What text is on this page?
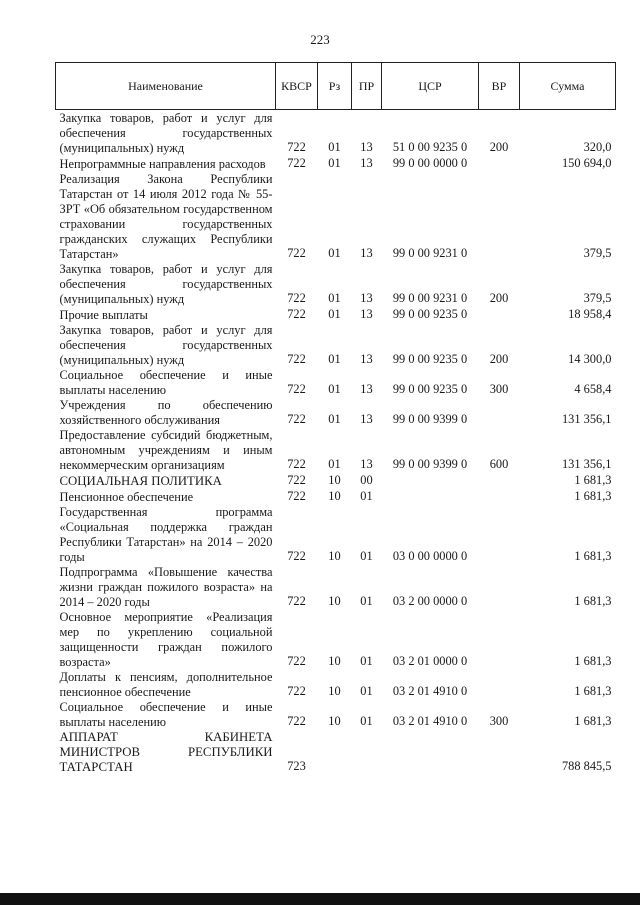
223
Наименование	КВСР	Рз	ПР	ЦСР	ВР	Сумма
Закупка товаров, работ и услуг для обеспечения государственных (муниципальных) нужд	722	01	13	51 0 00 9235 0	200	320,0
Непрограммные направления расходов	722	01	13	99 0 00 0000 0		150 694,0
Реализация Закона Республики Татарстан от 14 июля 2012 года № 55-ЗРТ «Об обязательном государственном страховании государственных гражданских служащих Республики Татарстан»	722	01	13	99 0 00 9231 0		379,5
Закупка товаров, работ и услуг для обеспечения государственных (муниципальных) нужд	722	01	13	99 0 00 9231 0	200	379,5
Прочие выплаты	722	01	13	99 0 00 9235 0		18 958,4
Закупка товаров, работ и услуг для обеспечения государственных (муниципальных) нужд	722	01	13	99 0 00 9235 0	200	14 300,0
Социальное обеспечение и иные выплаты населению	722	01	13	99 0 00 9235 0	300	4 658,4
Учреждения по обеспечению хозяйственного обслуживания	722	01	13	99 0 00 9399 0		131 356,1
Предоставление субсидий бюджетным, автономным учреждениям и иным некоммерческим организациям	722	01	13	99 0 00 9399 0	600	131 356,1
СОЦИАЛЬНАЯ ПОЛИТИКА	722	10	00			1 681,3
Пенсионное обеспечение	722	10	01			1 681,3
Государственная программа «Социальная поддержка граждан Республики Татарстан» на 2014 – 2020 годы	722	10	01	03 0 00 0000 0		1 681,3
Подпрограмма «Повышение качества жизни граждан пожилого возраста» на 2014 – 2020 годы	722	10	01	03 2 00 0000 0		1 681,3
Основное мероприятие «Реализация мер по укреплению социальной защищенности граждан пожилого возраста»	722	10	01	03 2 01 0000 0		1 681,3
Доплаты к пенсиям, дополнительное пенсионное обеспечение	722	10	01	03 2 01 4910 0		1 681,3
Социальное обеспечение и иные выплаты населению	722	10	01	03 2 01 4910 0	300	1 681,3
АППАРАТ КАБИНЕТА МИНИСТРОВ РЕСПУБЛИКИ ТАТАРСТАН	723					788 845,5
